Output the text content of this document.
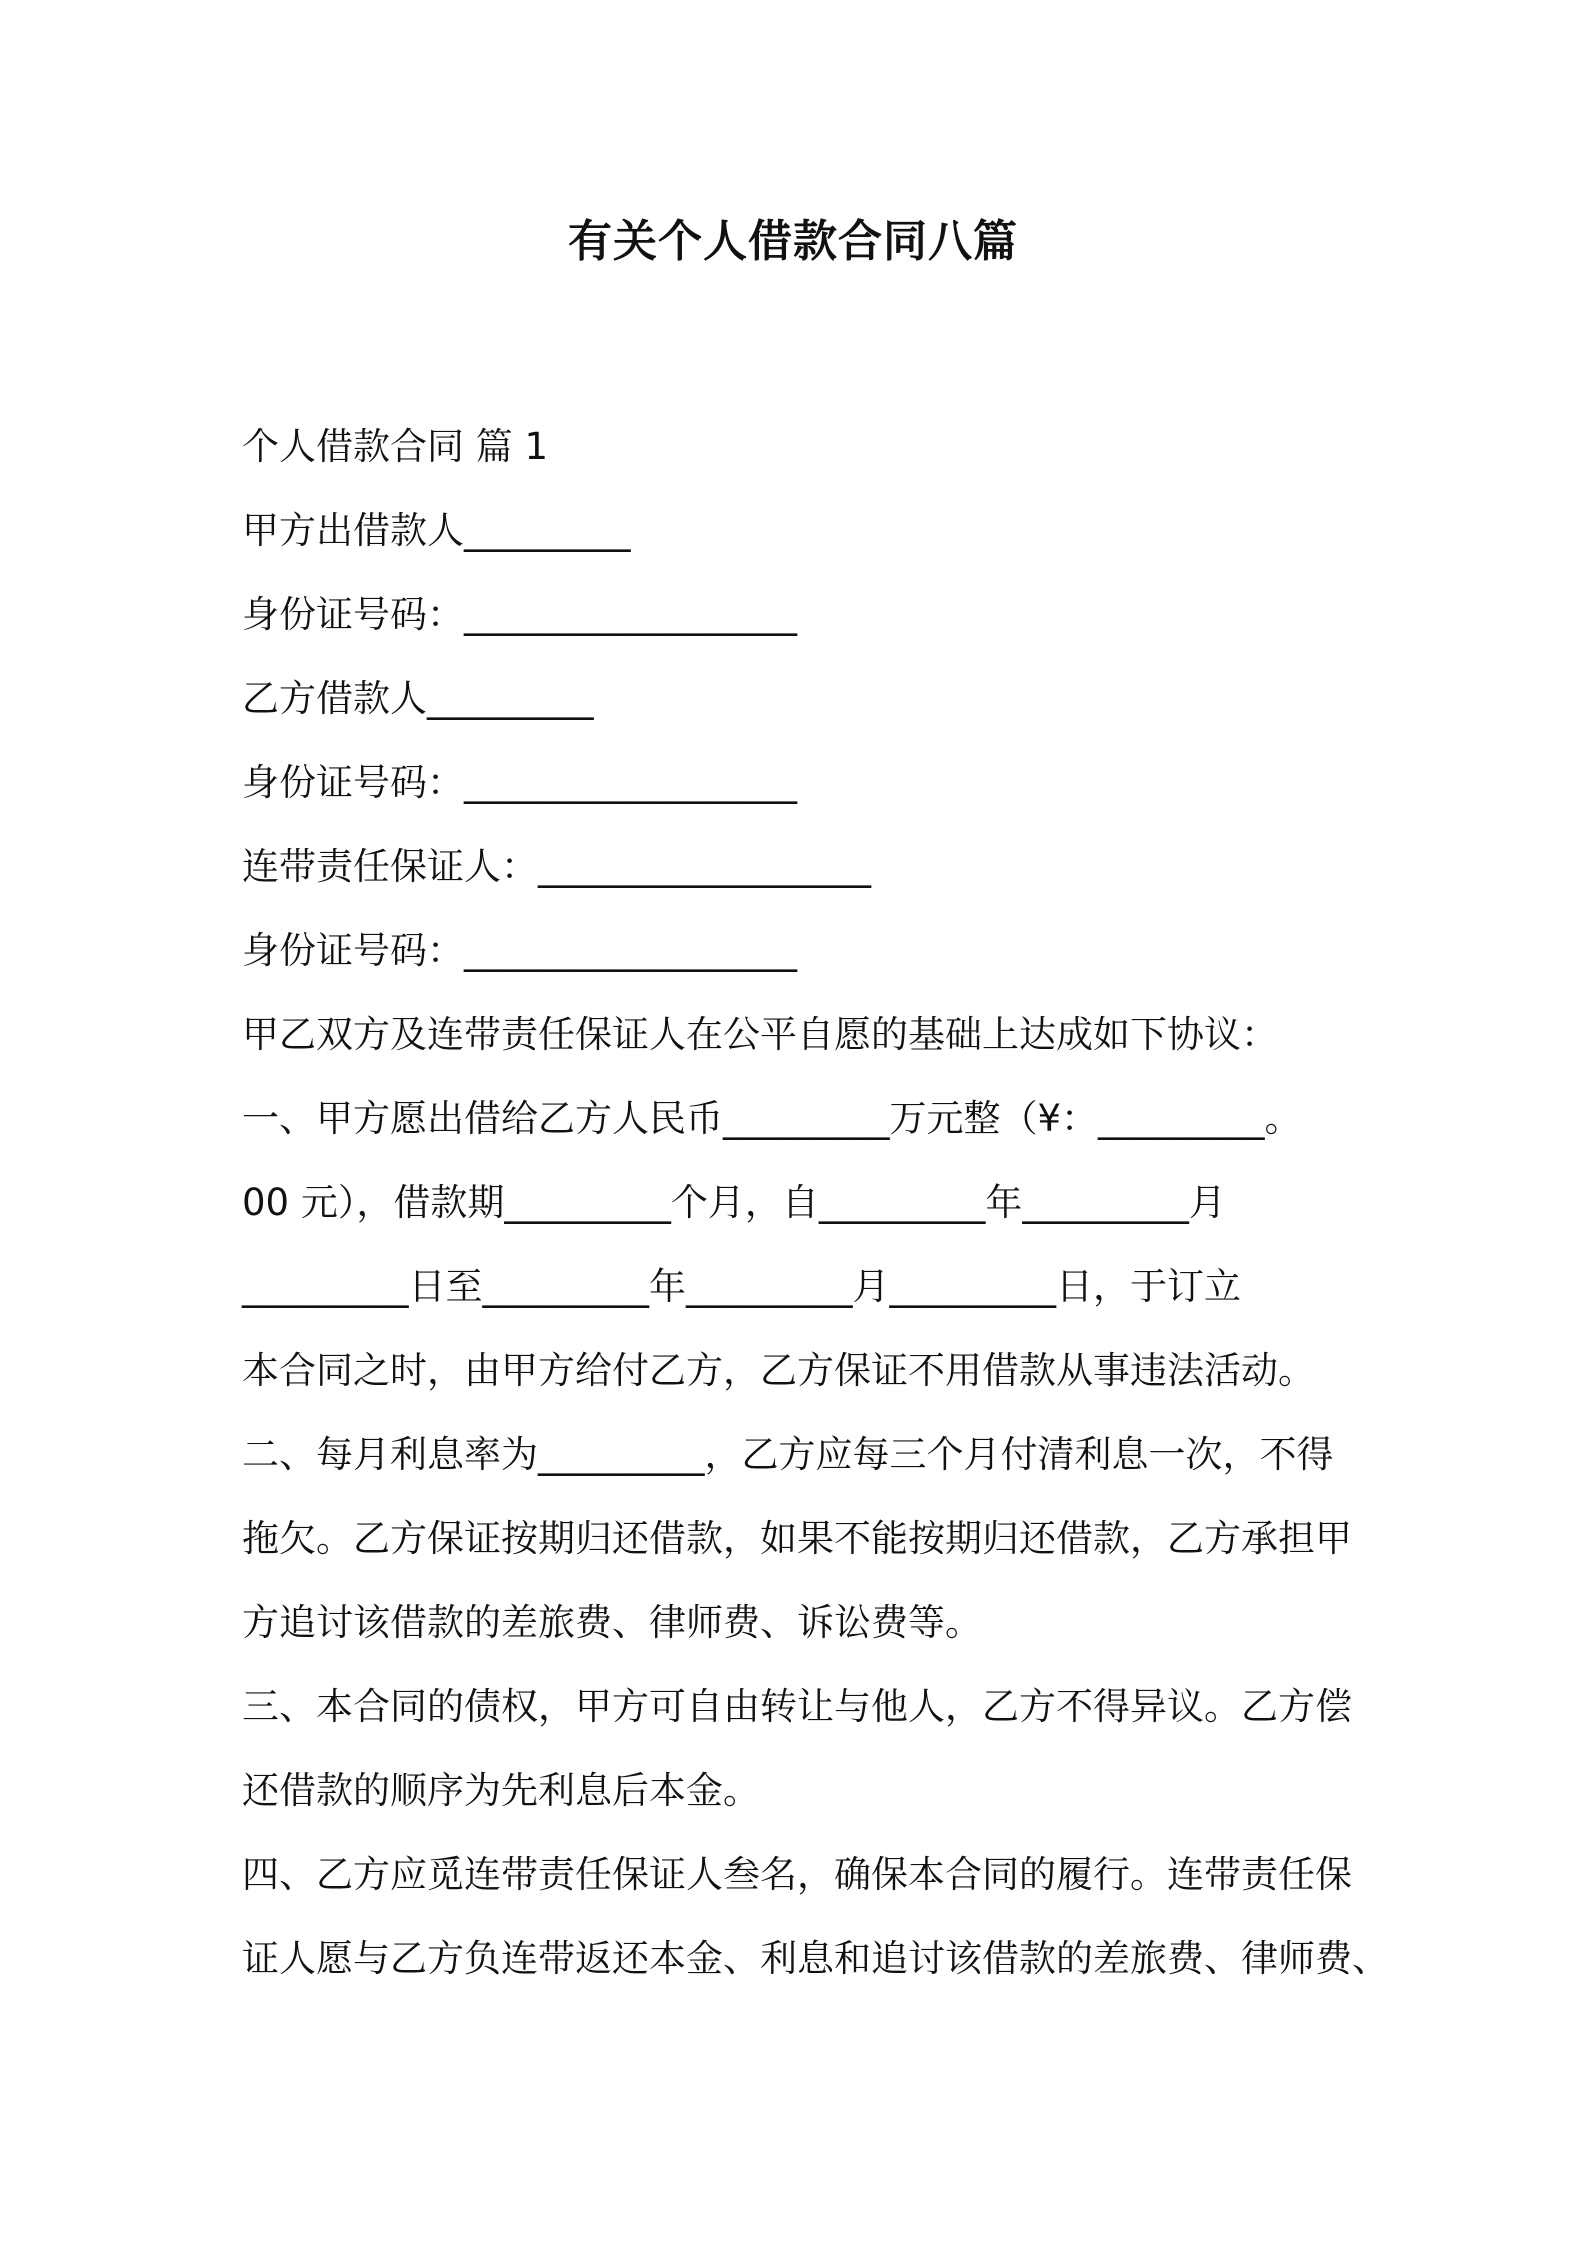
有关个人借款合同八篇
个人借款合同 篇 1
甲方出借款人_________
身份证号码：__________________
乙方借款人_________
身份证号码：__________________
连带责任保证人：__________________
身份证号码：__________________
甲乙双方及连带责任保证人在公平自愿的基础上达成如下协议：
一、甲方愿出借给乙方人民币_________万元整（¥：_________。
00 元），借款期_________个月，自_________年_________月
_________日至_________年_________月_________日，于订立
本合同之时，由甲方给付乙方，乙方保证不用借款从事违法活动。
二、每月利息率为_________，乙方应每三个月付清利息一次，不得
拖欠。乙方保证按期归还借款，如果不能按期归还借款，乙方承担甲
方追讨该借款的差旅费、律师费、诉讼费等。
三、本合同的债权，甲方可自由转让与他人，乙方不得异议。乙方偿
还借款的顺序为先利息后本金。
四、乙方应觅连带责任保证人叁名，确保本合同的履行。连带责任保
证人愿与乙方负连带返还本金、利息和追讨该借款的差旅费、律师费、
